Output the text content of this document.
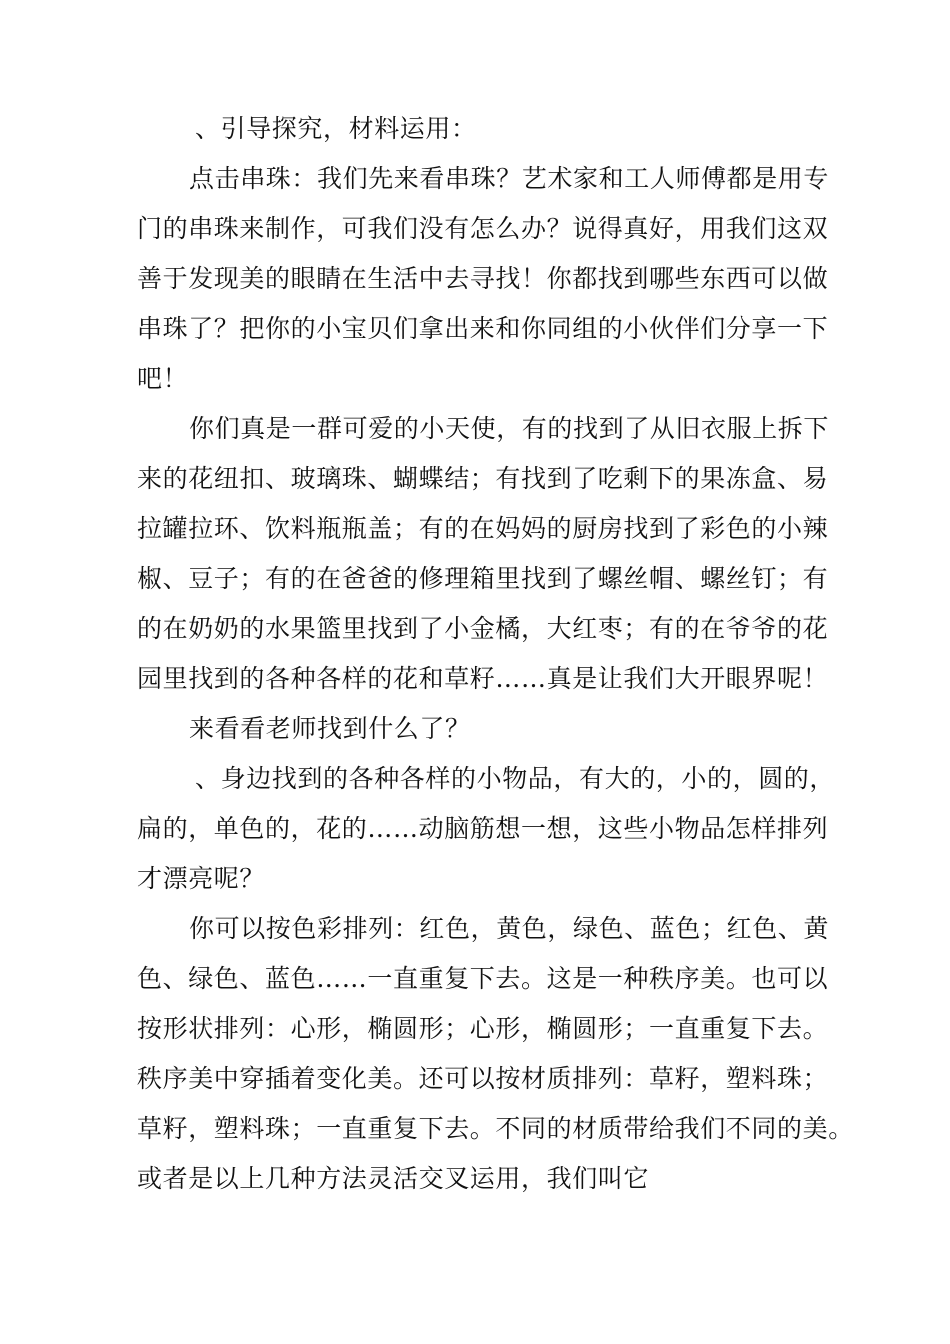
、引导探究，材料运用：
点击串珠：我们先来看串珠？艺术家和工人师傅都是用专
门的串珠来制作，可我们没有怎么办？说得真好，用我们这双
善于发现美的眼睛在生活中去寻找！你都找到哪些东西可以做
串珠了？把你的小宝贝们拿出来和你同组的小伙伴们分享一下
吧！
你们真是一群可爱的小天使，有的找到了从旧衣服上拆下
来的花纽扣、玻璃珠、蝴蝶结；有找到了吃剩下的果冻盒、易
拉罐拉环、饮料瓶瓶盖；有的在妈妈的厨房找到了彩色的小辣
椒、豆子；有的在爸爸的修理箱里找到了螺丝帽、螺丝钉；有
的在奶奶的水果篮里找到了小金橘，大红枣；有的在爷爷的花
园里找到的各种各样的花和草籽……真是让我们大开眼界呢！
来看看老师找到什么了？
、身边找到的各种各样的小物品，有大的，小的，圆的，
扁的，单色的，花的……动脑筋想一想，这些小物品怎样排列
才漂亮呢？
你可以按色彩排列：红色，黄色，绿色、蓝色；红色、黄
色、绿色、蓝色……一直重复下去。这是一种秩序美。也可以
按形状排列：心形，椭圆形；心形，椭圆形；一直重复下去。
秩序美中穿插着变化美。还可以按材质排列：草籽，塑料珠；
草籽，塑料珠；一直重复下去。不同的材质带给我们不同的美。
或者是以上几种方法灵活交叉运用，我们叫它
